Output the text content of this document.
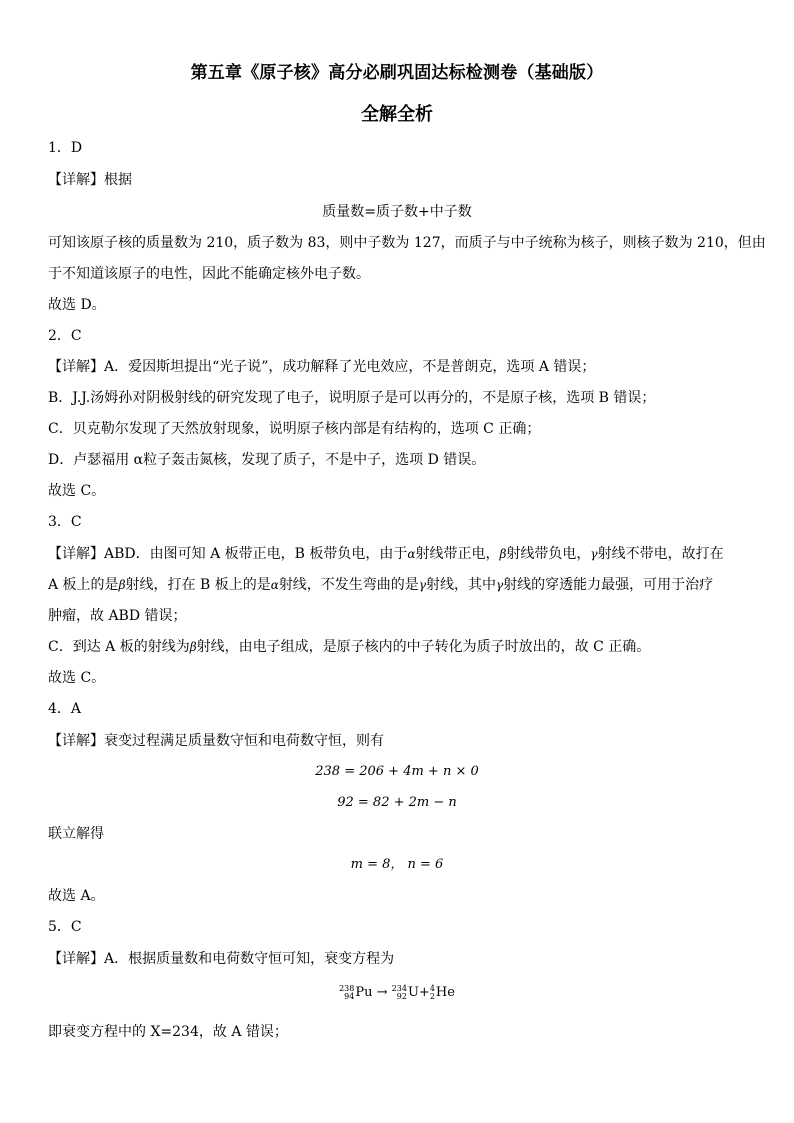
第五章《原子核》高分必刷巩固达标检测卷（基础版）
全解全析
1．D
【详解】根据
质量数=质子数+中子数
可知该原子核的质量数为 210，质子数为 83，则中子数为 127，而质子与中子统称为核子，则核子数为 210，但由
于不知道该原子的电性，因此不能确定核外电子数。
故选 D。
2．C
【详解】A．爱因斯坦提出“光子说”，成功解释了光电效应，不是普朗克，选项 A 错误；
B．J.J.汤姆孙对阴极射线的研究发现了电子，说明原子是可以再分的，不是原子核，选项 B 错误；
C．贝克勒尔发现了天然放射现象，说明原子核内部是有结构的，选项 C 正确；
D．卢瑟福用 α粒子轰击氮核，发现了质子，不是中子，选项 D 错误。
故选 C。
3．C
【详解】ABD．由图可知 A 板带正电，B 板带负电，由于α射线带正电，β射线带负电，γ射线不带电，故打在
A 板上的是β射线，打在 B 板上的是α射线，不发生弯曲的是γ射线，其中γ射线的穿透能力最强，可用于治疗
肿瘤，故 ABD 错误；
C．到达 A 板的射线为β射线，由电子组成，是原子核内的中子转化为质子时放出的，故 C 正确。
故选 C。
4．A
【详解】衰变过程满足质量数守恒和电荷数守恒，则有
238 = 206 + 4m + n × 0
92 = 82 + 2m − n
联立解得
m = 8， n = 6
故选 A。
5．C
【详解】A．根据质量数和电荷数守恒可知，衰变方程为
238
94 Pu → 234
92 U+ 4
2 He
即衰变方程中的 X=234，故 A 错误；
